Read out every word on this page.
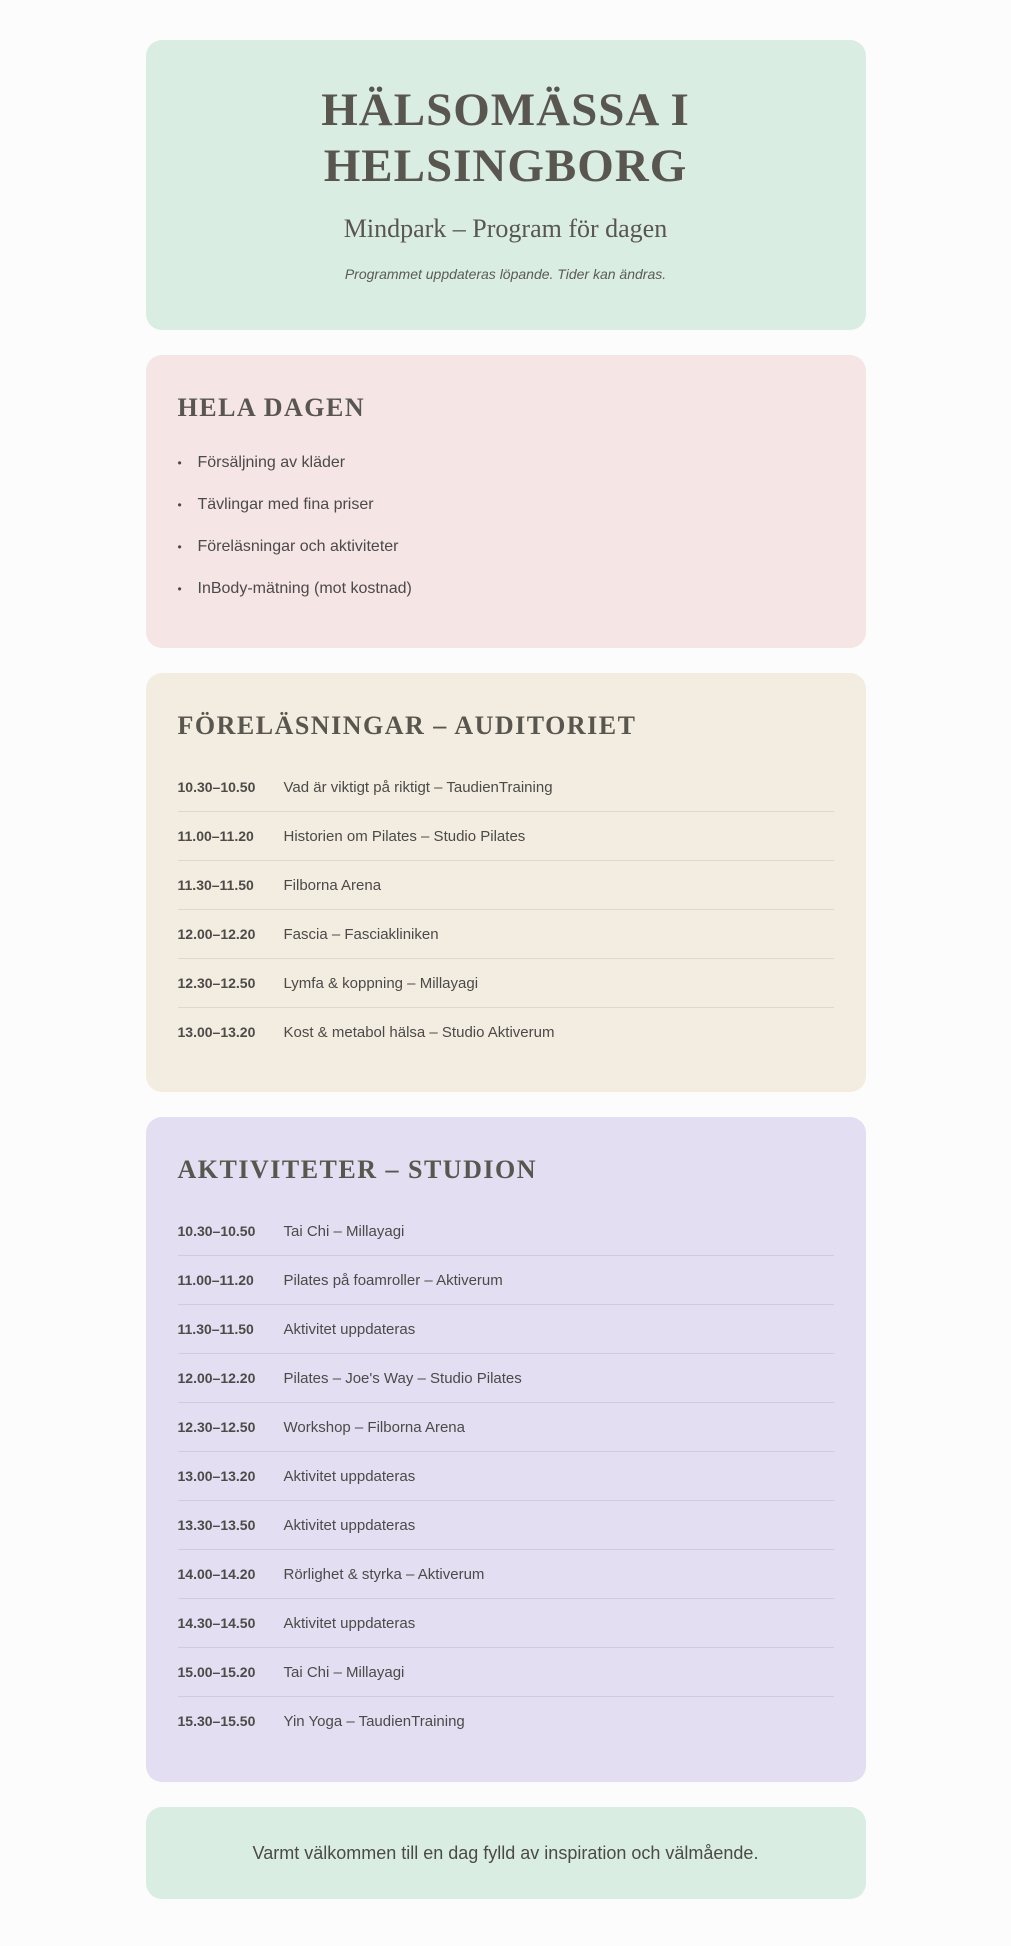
HÄLSOMÄSSA I
HELSINGBORG
Mindpark – Program för dagen

Programmet uppdateras löpande. Tider kan ändras.

HELA DAGEN
• Försäljning av kläder
• Tävlingar med fina priser
• Föreläsningar och aktiviteter
• InBody-mätning (mot kostnad)
FÖRELÄSNINGAR – AUDITORIET
10.30–10.50	Vad är viktigt på riktigt – TaudienTraining
11.00–11.20	Historien om Pilates – Studio Pilates
11.30–11.50	Filborna Arena
12.00–12.20	Fascia – Fasciakliniken
12.30–12.50	Lymfa & koppning – Millayagi
13.00–13.20	Kost & metabol hälsa – Studio Aktiverum
AKTIVITETER – STUDION
10.30–10.50	Tai Chi – Millayagi
11.00–11.20	Pilates på foamroller – Aktiverum
11.30–11.50	Aktivitet uppdateras
12.00–12.20	Pilates – Joe's Way – Studio Pilates
12.30–12.50	Workshop – Filborna Arena
13.00–13.20	Aktivitet uppdateras
13.30–13.50	Aktivitet uppdateras
14.00–14.20	Rörlighet & styrka – Aktiverum
14.30–14.50	Aktivitet uppdateras
15.00–15.20	Tai Chi – Millayagi
15.30–15.50	Yin Yoga – TaudienTraining
Varmt välkommen till en dag fylld av inspiration och välmående.
